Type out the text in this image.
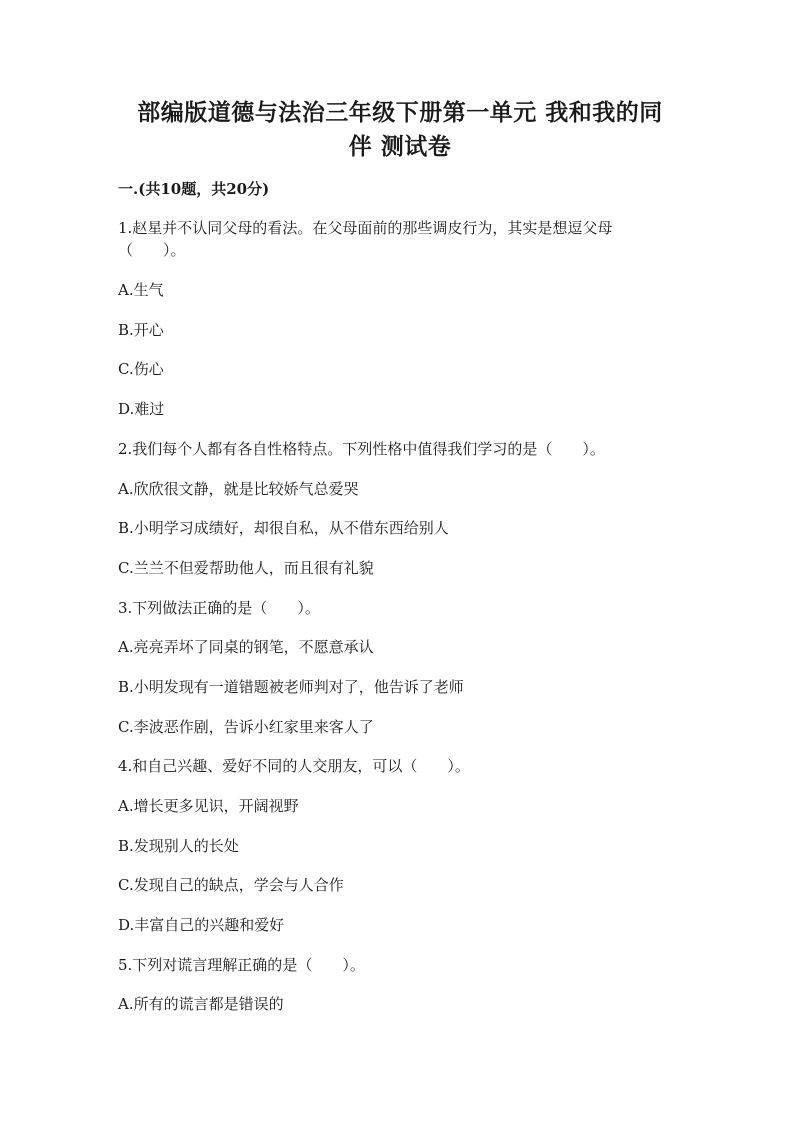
部编版道德与法治三年级下册第一单元 我和我的同
伴 测试卷
一.(共10题，共20分)
1.赵星并不认同父母的看法。在父母面前的那些调皮行为，其实是想逗父母
（　　）。
A.生气
B.开心
C.伤心
D.难过
2.我们每个人都有各自性格特点。下列性格中值得我们学习的是（　　）。
A.欣欣很文静，就是比较娇气总爱哭
B.小明学习成绩好，却很自私，从不借东西给别人
C.兰兰不但爱帮助他人，而且很有礼貌
3.下列做法正确的是（　　）。
A.亮亮弄坏了同桌的钢笔，不愿意承认
B.小明发现有一道错题被老师判对了，他告诉了老师
C.李波恶作剧，告诉小红家里来客人了
4.和自己兴趣、爱好不同的人交朋友，可以（　　）。
A.增长更多见识，开阔视野
B.发现别人的长处
C.发现自己的缺点，学会与人合作
D.丰富自己的兴趣和爱好
5.下列对谎言理解正确的是（　　）。
A.所有的谎言都是错误的
